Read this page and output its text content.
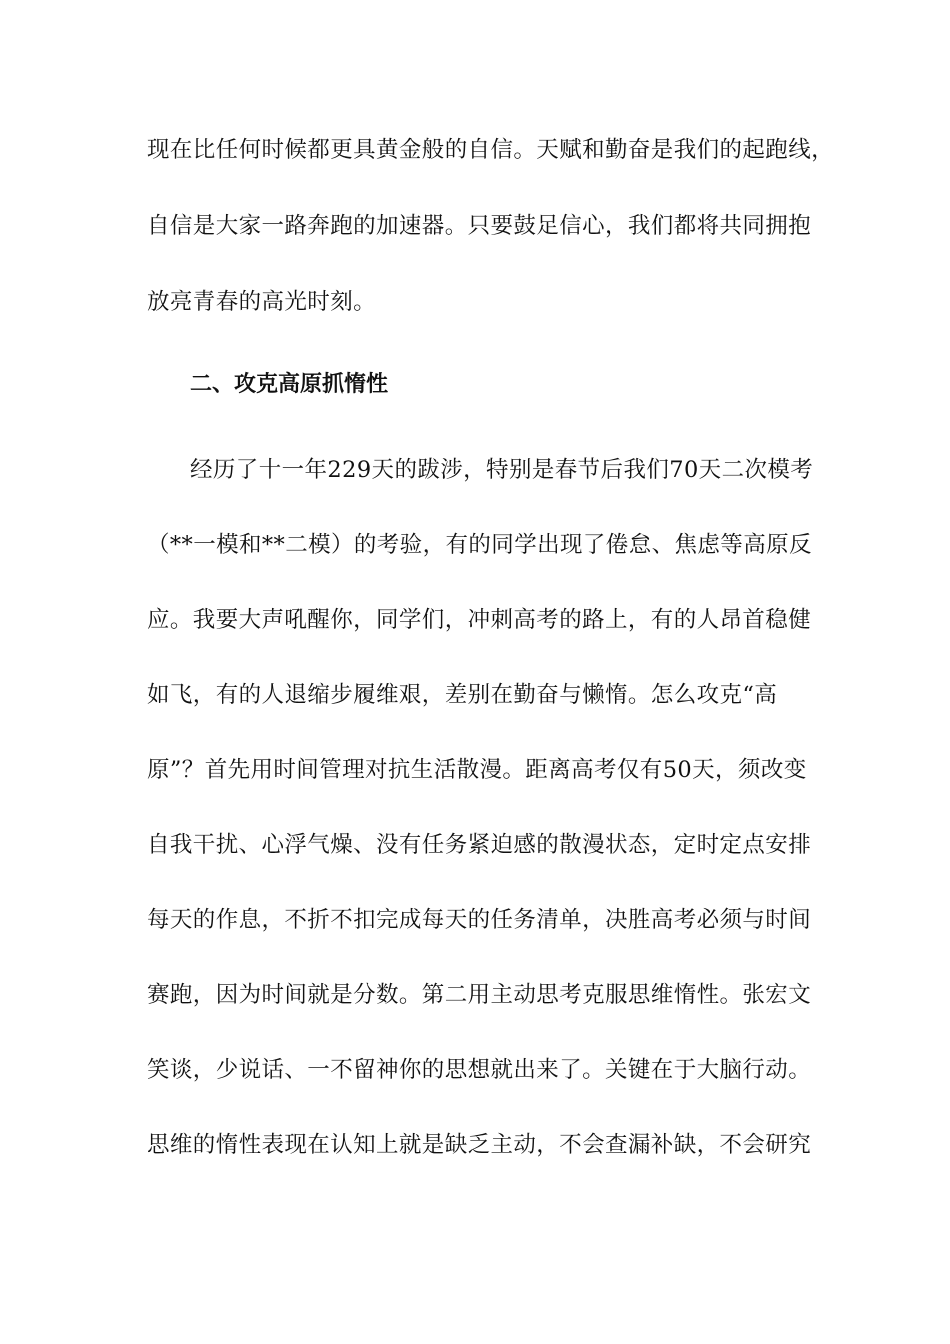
现在比任何时候都更具黄金般的自信。天赋和勤奋是我们的起跑线，
自信是大家一路奔跑的加速器。只要鼓足信心，我们都将共同拥抱
放亮青春的高光时刻。
二、攻克高原抓惰性
经历了十一年229天的跋涉，特别是春节后我们70天二次模考
（**一模和**二模）的考验，有的同学出现了倦怠、焦虑等高原反
应。我要大声吼醒你，同学们，冲刺高考的路上，有的人昂首稳健
如飞，有的人退缩步履维艰，差别在勤奋与懒惰。怎么攻克“高
原”？首先用时间管理对抗生活散漫。距离高考仅有50天，须改变
自我干扰、心浮气燥、没有任务紧迫感的散漫状态，定时定点安排
每天的作息，不折不扣完成每天的任务清单，决胜高考必须与时间
赛跑，因为时间就是分数。第二用主动思考克服思维惰性。张宏文
笑谈，少说话、一不留神你的思想就出来了。关键在于大脑行动。
思维的惰性表现在认知上就是缺乏主动，不会查漏补缺，不会研究
